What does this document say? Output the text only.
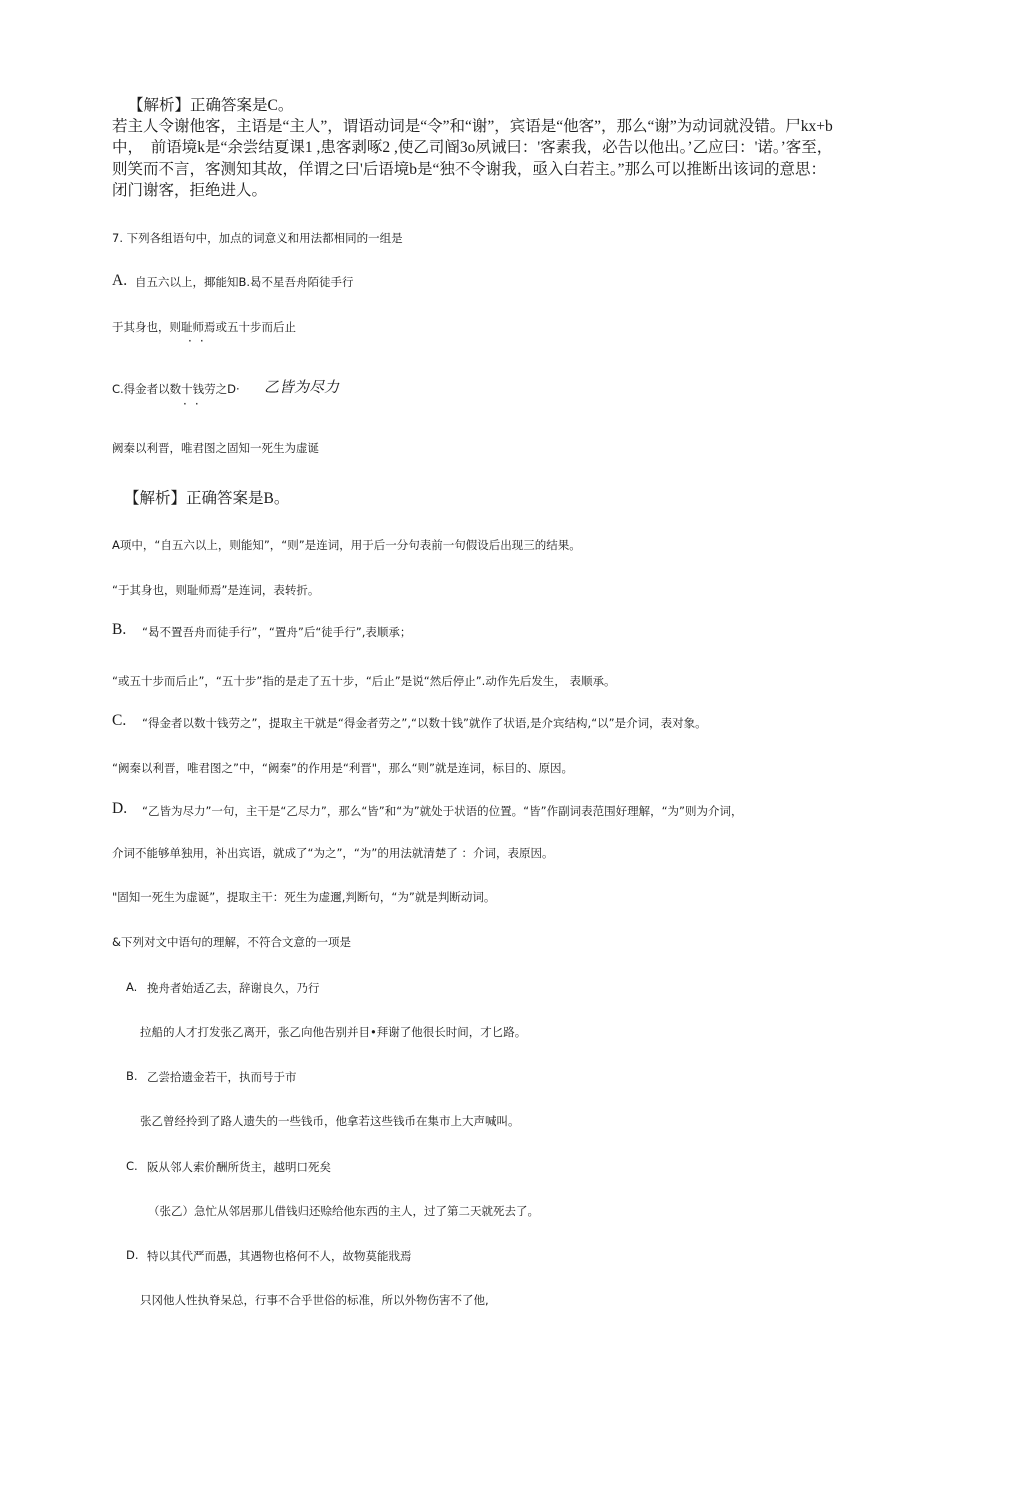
【解析】正确答案是C。
若主人令谢他客，主语是“主人”，谓语动词是“令”和“谢”，宾语是“他客”，那么“谢”为动词就没错。尸kx+b
中，　前语境k是“余尝结夏课1 ,患客剥啄2 ,使乙司阍3o夙诫曰：'客素我，必告以他出。’乙应曰：'诺。’客至，
则笑而不言，客测知其故，佯谓之曰'后语境b是“独不令谢我，亟入白若主。”那么可以推断出该词的意思：
闭门谢客，拒绝进人。
7. 下列各组语句中，加点的词意义和用法都相同的一组是
A. 自五六以上，揶能知B.曷不星吾舟陌徒手行
于其身也，则耻师焉或五十步而后止
··
C.得金者以数十钱劳之D· 乙皆为尽力
··
阙秦以利晋，唯君图之固知一死生为虚诞
【解析】正确答案是B。
A项中，“自五六以上，则能知”，“则”是连词，用于后一分句表前一句假设后出现三的结果。
“于其身也，则耻师焉”是连词，表转折。
B. “曷不置吾舟而徒手行”，“置舟”后“徒手行”,表顺承；
“或五十步而后止”，“五十步”指的是走了五十步，“后止”是说“然后停止”.动作先后发生， 表顺承。
C. “得金者以数十钱劳之”，提取主干就是“得金者劳之”,“以数十钱”就作了状语,是介宾结构,“以”是介词，表对象。
“阙秦以利晋，唯君图之”中，“阙秦”的作用是“利晋"，那么“则”就是连词，标目的、原因。
D. “乙皆为尽力”一句，主干是“乙尽力”，那么“皆”和“为”就处于状语的位置。“皆”作副词表范围好理解，“为”则为介词，
介词不能够单独用，补出宾语，就成了“为之”，“为”的用法就清楚了 ：介词，表原因。
"固知一死生为虚诞”，提取主干：死生为虚邇,判断句，“为”就是判断动词。
&下列对文中语句的理解，不符合文意的一项是
A. 挽舟者始适乙去，辞谢良久，乃行
拉船的人才打发张乙离开，张乙向他告别并目•拜谢了他很长时间，才匕路。
B. 乙尝拾遗金若干，执而号于市
张乙曾经拎到了路人遗失的一些钱币，他拿若这些钱币在集市上大声喊叫。
C. 阪从邻人索价酬所货主，越明口死矣
（张乙）急忙从邻居那儿借钱归还赊给他东西的主人，过了第二天就死去了。
D. 特以其代严而愚，其遇物也格何不人，故物莫能戕焉
只冈他人性执脊呆总，行事不合乎世俗的标准，所以外物伤害不了他,
